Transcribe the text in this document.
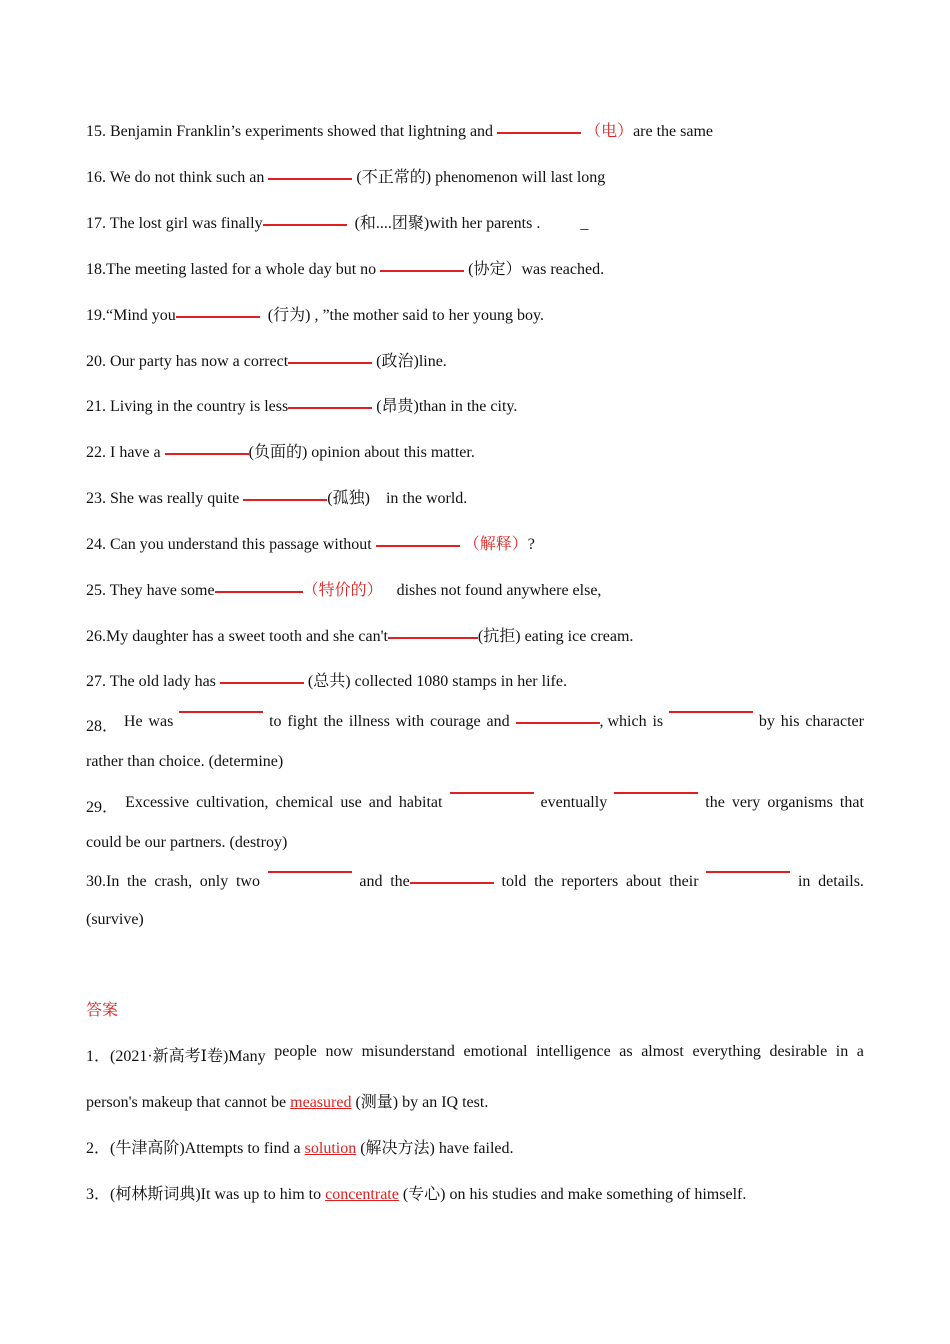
15. Benjamin Franklin’s experiments showed that lightning and	（电）are the same
16. We do not think such an	(不正常的) phenomenon will last long
17. The lost girl was finally	(和....团聚)with her parents .	_
18.The meeting lasted for a whole day but no	(协定）was reached.
19.“Mind you	(行为) , ”the mother said to her young boy.
20. Our party has now a correct	(政治)line.
21. Living in the country is less	(昂贵)than in the city.
22. I have a	(负面的) opinion about this matter.
23. She was really quite	(孤独) in the world.
24. Can you understand this passage without	（解释）?
25. They have some	（特价的） dishes not found anywhere else,
26.My daughter has a sweet tooth and she can't	(抗拒) eating ice cream.
27. The old lady has	(总共) collected 1080 stamps in her life.
28． He was	to fight the illness with courage and	, which is	by his character
rather than choice. (determine)
29． Excessive cultivation, chemical use and habitat	eventually	the very organisms that
could be our partners. (destroy)
30.In the crash, only two	and the	told the reporters about their	in details.
(survive)
答案
1．(2021·新高考Ⅰ卷)Many people now misunderstand emotional intelligence as almost everything desirable in a
person's makeup that cannot be measured (测量) by an IQ test.
2．(牛津高阶)Attempts to find a solution (解决方法) have failed.
3．(柯林斯词典)It was up to him to concentrate (专心) on his studies and make something of himself.
